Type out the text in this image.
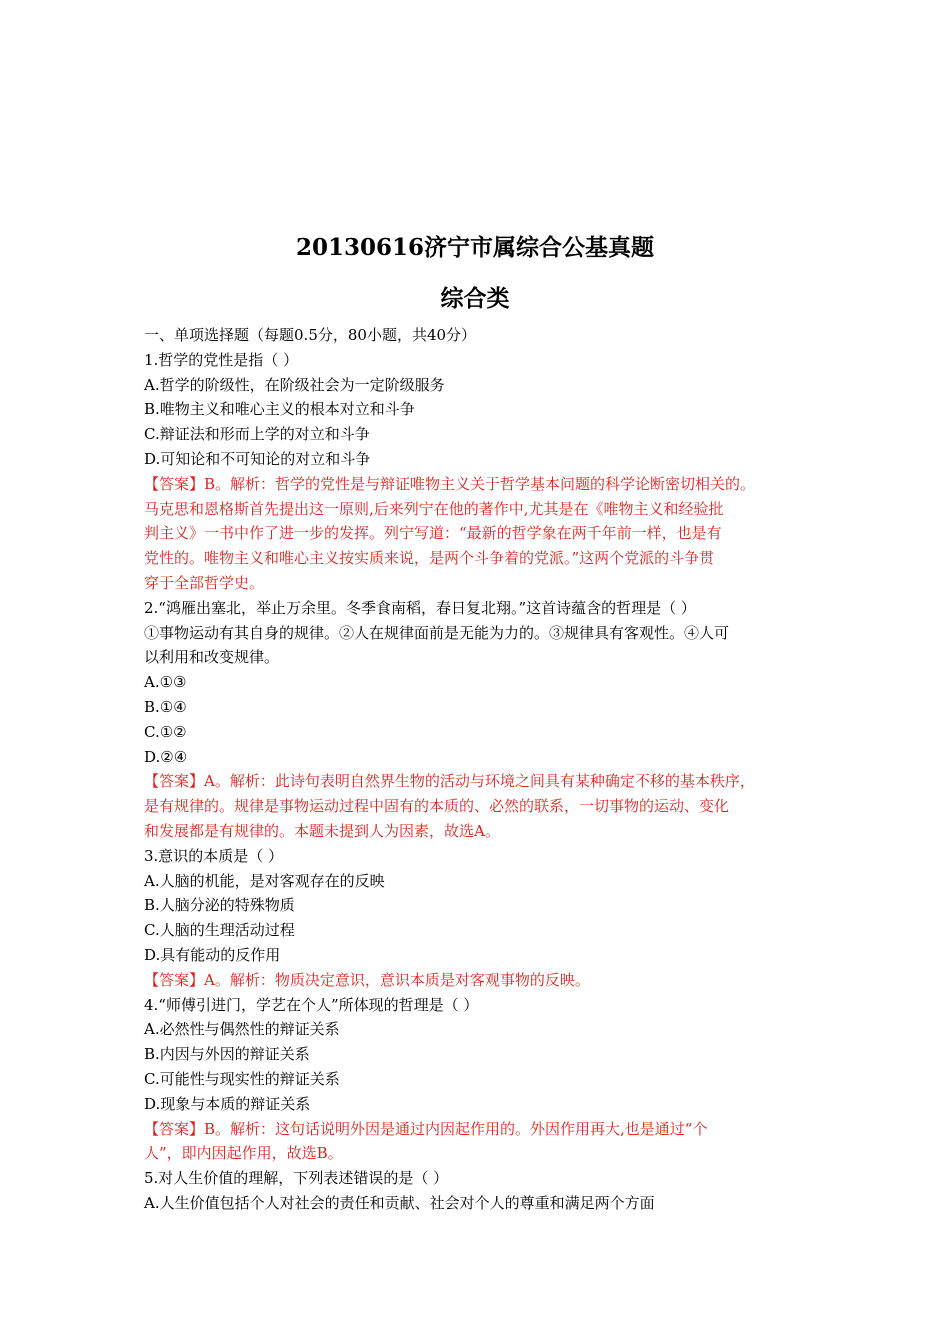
20130616济宁市属综合公基真题
综合类
一、单项选择题（每题0.5分，80小题，共40分）
1.哲学的党性是指（ ）
A.哲学的阶级性，在阶级社会为一定阶级服务
B.唯物主义和唯心主义的根本对立和斗争
C.辩证法和形而上学的对立和斗争
D.可知论和不可知论的对立和斗争
【答案】B。解析：哲学的党性是与辩证唯物主义关于哲学基本问题的科学论断密切相关的。
马克思和恩格斯首先提出这一原则,后来列宁在他的著作中,尤其是在《唯物主义和经验批
判主义》一书中作了进一步的发挥。列宁写道：“最新的哲学象在两千年前一样，也是有
党性的。唯物主义和唯心主义按实质来说，是两个斗争着的党派。”这两个党派的斗争贯
穿于全部哲学史。
2.“鸿雁出塞北，举止万余里。冬季食南稻，春日复北翔。”这首诗蕴含的哲理是（ ）
①事物运动有其自身的规律。②人在规律面前是无能为力的。③规律具有客观性。④人可
以利用和改变规律。
A.①③
B.①④
C.①②
D.②④
【答案】A。解析：此诗句表明自然界生物的活动与环境之间具有某种确定不移的基本秩序，
是有规律的。规律是事物运动过程中固有的本质的、必然的联系，一切事物的运动、变化
和发展都是有规律的。本题未提到人为因素，故选A。
3.意识的本质是（ ）
A.人脑的机能，是对客观存在的反映
B.人脑分泌的特殊物质
C.人脑的生理活动过程
D.具有能动的反作用
【答案】A。解析：物质决定意识，意识本质是对客观事物的反映。
4.“师傅引进门，学艺在个人”所体现的哲理是（ ）
A.必然性与偶然性的辩证关系
B.内因与外因的辩证关系
C.可能性与现实性的辩证关系
D.现象与本质的辩证关系
【答案】B。解析：这句话说明外因是通过内因起作用的。外因作用再大,也是通过“个
人”，即内因起作用，故选B。
5.对人生价值的理解，下列表述错误的是（ ）
A.人生价值包括个人对社会的责任和贡献、社会对个人的尊重和满足两个方面
